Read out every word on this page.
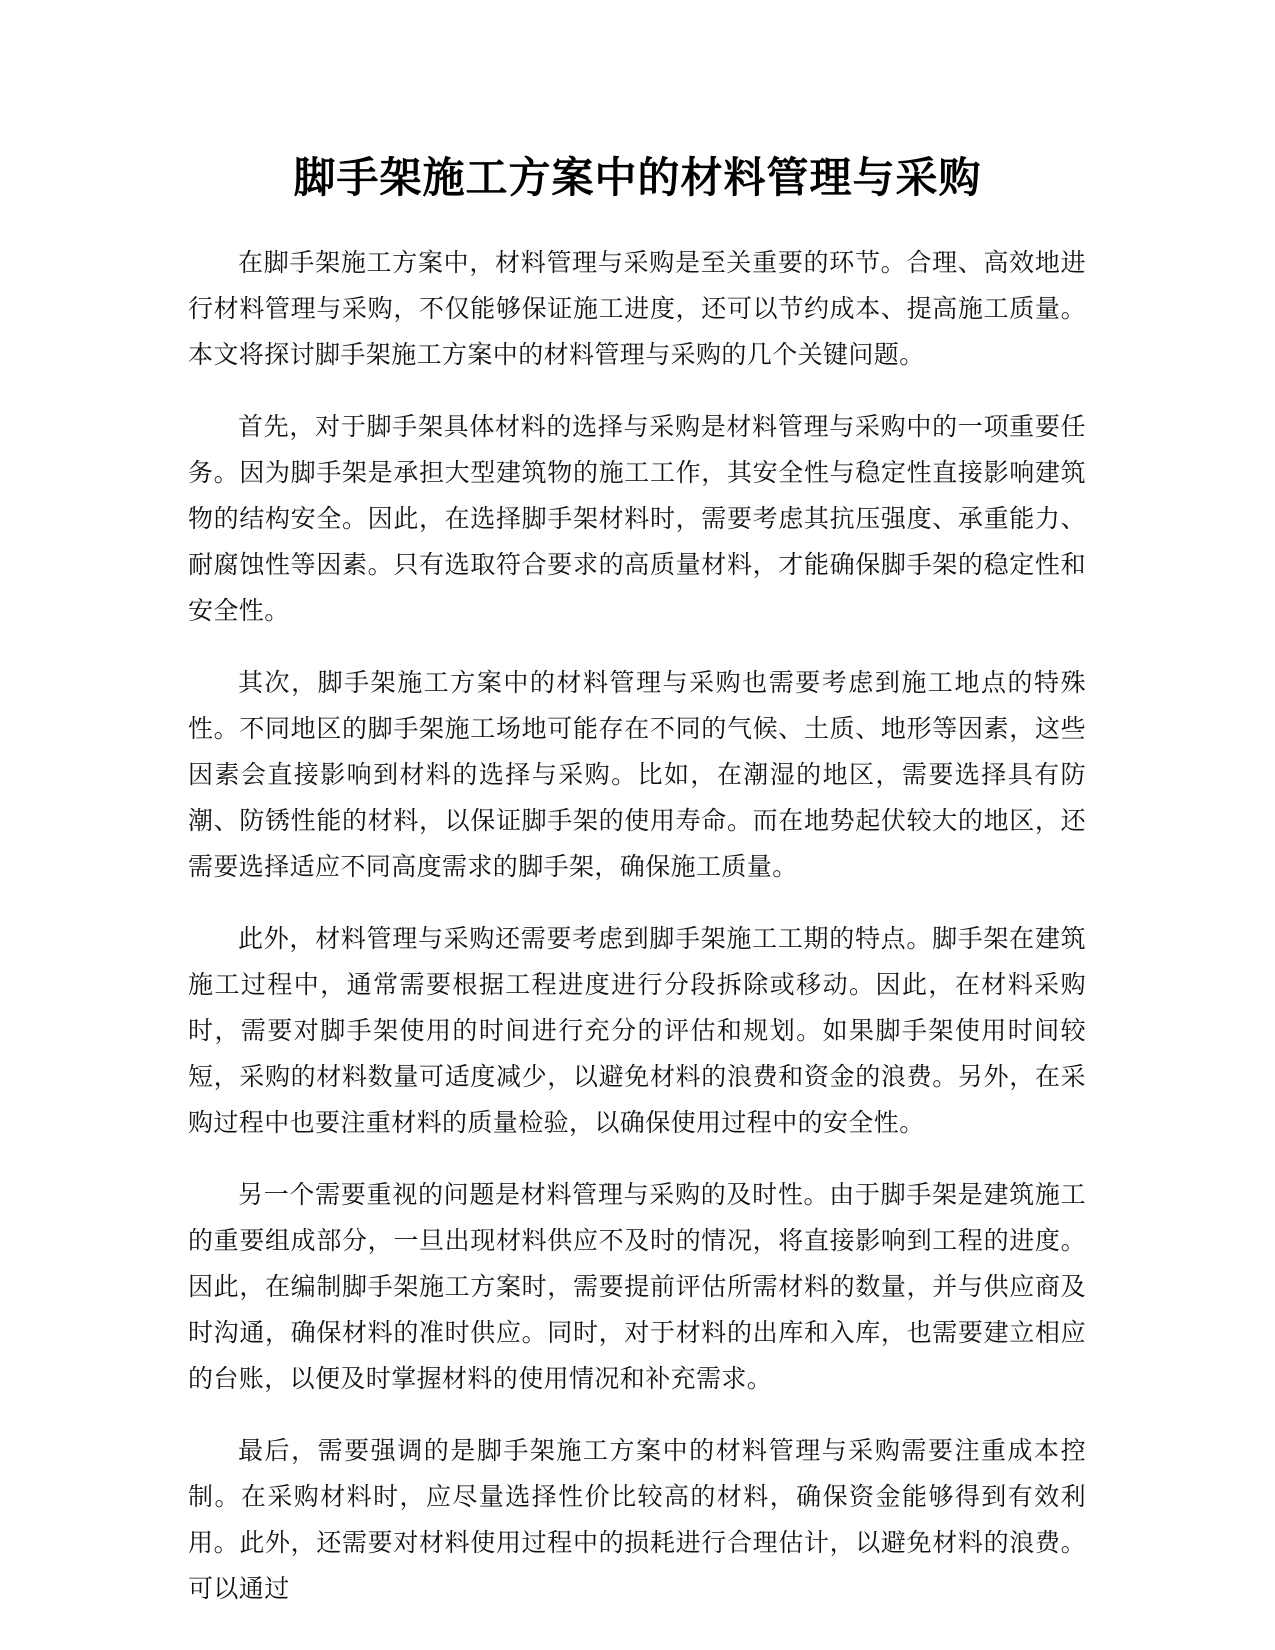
脚手架施工方案中的材料管理与采购

在脚手架施工方案中，材料管理与采购是至关重要的环节。合理、高效地进行材料管理与采购，不仅能够保证施工进度，还可以节约成本、提高施工质量。本文将探讨脚手架施工方案中的材料管理与采购的几个关键问题。

首先，对于脚手架具体材料的选择与采购是材料管理与采购中的一项重要任务。因为脚手架是承担大型建筑物的施工工作，其安全性与稳定性直接影响建筑物的结构安全。因此，在选择脚手架材料时，需要考虑其抗压强度、承重能力、耐腐蚀性等因素。只有选取符合要求的高质量材料，才能确保脚手架的稳定性和安全性。

其次，脚手架施工方案中的材料管理与采购也需要考虑到施工地点的特殊性。不同地区的脚手架施工场地可能存在不同的气候、土质、地形等因素，这些因素会直接影响到材料的选择与采购。比如，在潮湿的地区，需要选择具有防潮、防锈性能的材料，以保证脚手架的使用寿命。而在地势起伏较大的地区，还需要选择适应不同高度需求的脚手架，确保施工质量。

此外，材料管理与采购还需要考虑到脚手架施工工期的特点。脚手架在建筑施工过程中，通常需要根据工程进度进行分段拆除或移动。因此，在材料采购时，需要对脚手架使用的时间进行充分的评估和规划。如果脚手架使用时间较短，采购的材料数量可适度减少，以避免材料的浪费和资金的浪费。另外，在采购过程中也要注重材料的质量检验，以确保使用过程中的安全性。

另一个需要重视的问题是材料管理与采购的及时性。由于脚手架是建筑施工的重要组成部分，一旦出现材料供应不及时的情况，将直接影响到工程的进度。因此，在编制脚手架施工方案时，需要提前评估所需材料的数量，并与供应商及时沟通，确保材料的准时供应。同时，对于材料的出库和入库，也需要建立相应的台账，以便及时掌握材料的使用情况和补充需求。

最后，需要强调的是脚手架施工方案中的材料管理与采购需要注重成本控制。在采购材料时，应尽量选择性价比较高的材料，确保资金能够得到有效利用。此外，还需要对材料使用过程中的损耗进行合理估计，以避免材料的浪费。可以通过
